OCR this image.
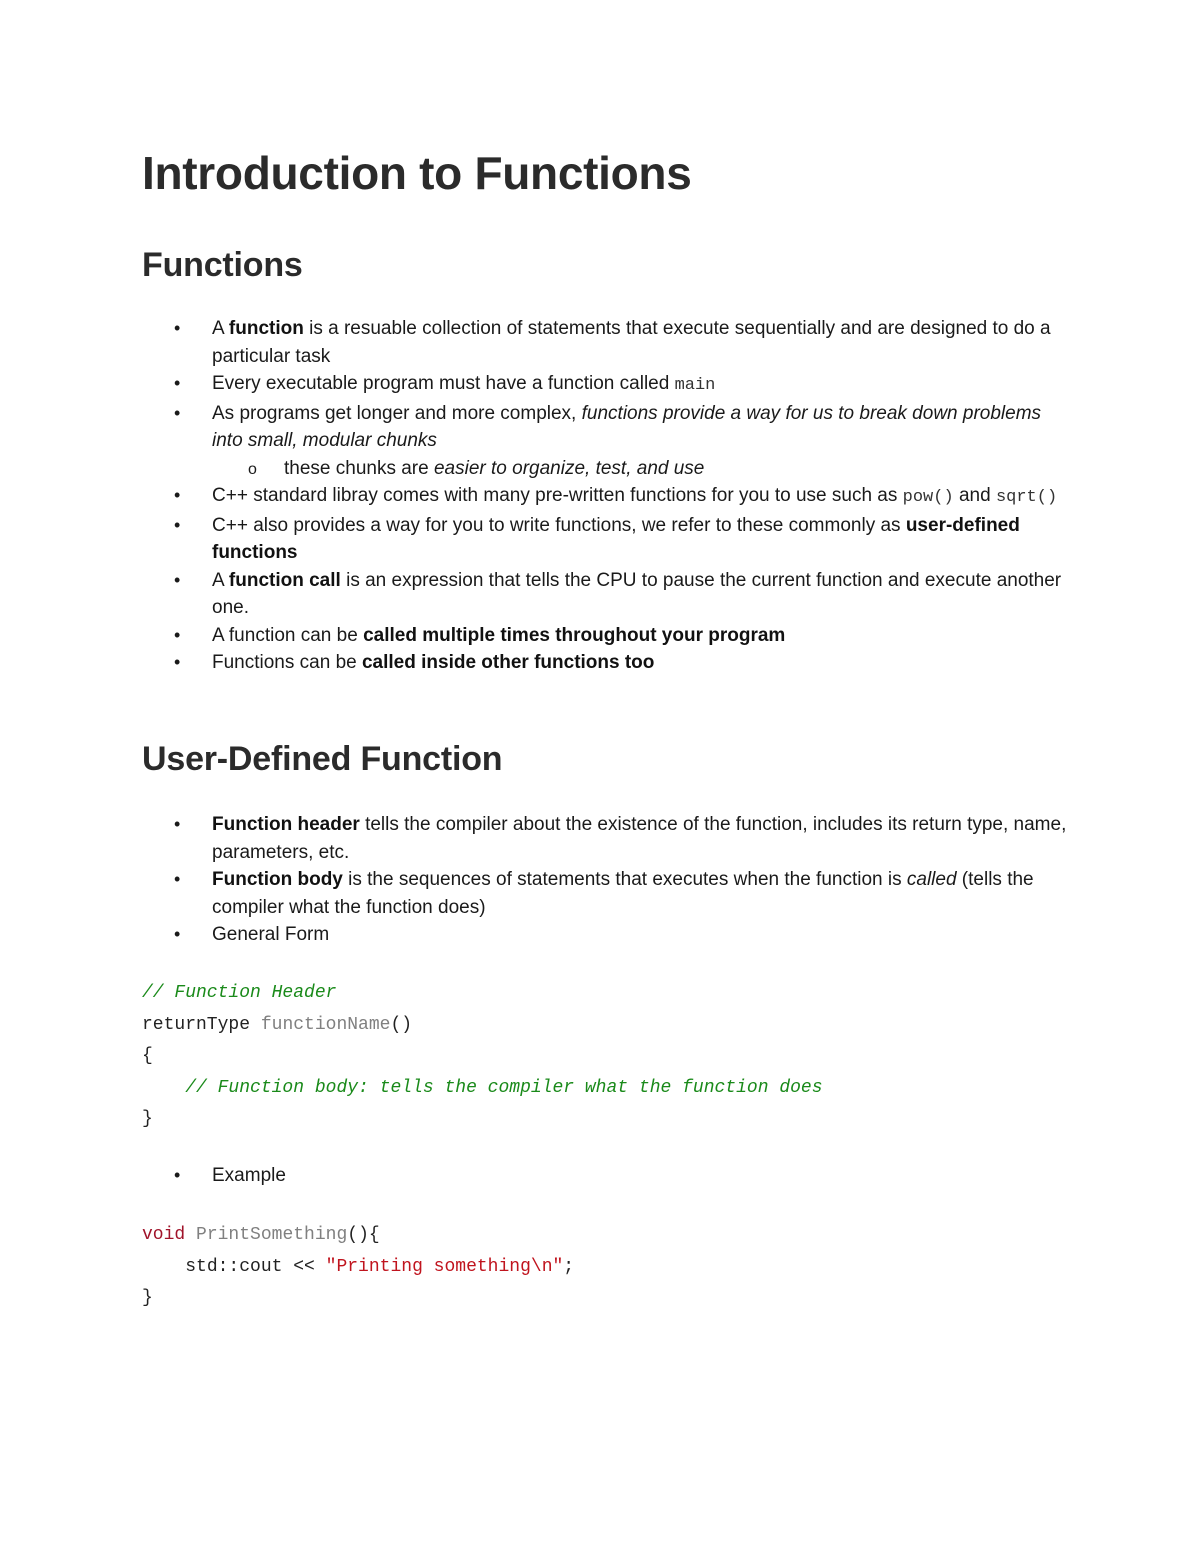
Introduction to Functions
Functions
• A function is a resuable collection of statements that execute sequentially and are designed to do a particular task
• Every executable program must have a function called main
• As programs get longer and more complex, functions provide a way for us to break down problems into small, modular chunks
o these chunks are easier to organize, test, and use
• C++ standard libray comes with many pre-written functions for you to use such as pow() and sqrt()
• C++ also provides a way for you to write functions, we refer to these commonly as user-defined functions
• A function call is an expression that tells the CPU to pause the current function and execute another one.
• A function can be called multiple times throughout your program
• Functions can be called inside other functions too
User-Defined Function
• Function header tells the compiler about the existence of the function, includes its return type, name, parameters, etc.
• Function body is the sequences of statements that executes when the function is called (tells the compiler what the function does)
• General Form
// Function Header
returnType functionName()
{
// Function body: tells the compiler what the function does
}
• Example
void PrintSomething(){
std::cout << "Printing something\n";
}
